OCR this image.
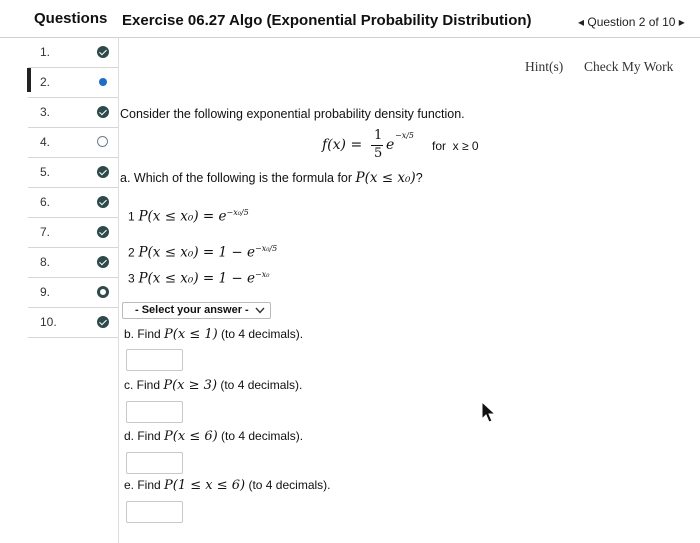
Questions Exercise 06.27 Algo (Exponential Probability Distribution)	◂ Question 2 of 10 ▸
1.
2.
3.
4.
5.
6.
7.
8.
9.
10.
Hint(s) Check My Work
Consider the following exponential probability density function.
f(x) =
1
5
e
−x/5
for  x ≥ 0
a. Which of the following is the formula for P(x ≤ x₀)?
1 $P(x \le x_0) = e^{-x_0/5}$
2 $P(x \le x_0) = 1 - e^{-x_0/5}$
3 $P(x \le x_0) = 1 - e^{-x_0}$
- Select your answer -
b. Find P(x ≤ 1) (to 4 decimals).
c. Find P(x ≥ 3) (to 4 decimals).
d. Find P(x ≤ 6) (to 4 decimals).
e. Find P(1 ≤ x ≤ 6) (to 4 decimals).
